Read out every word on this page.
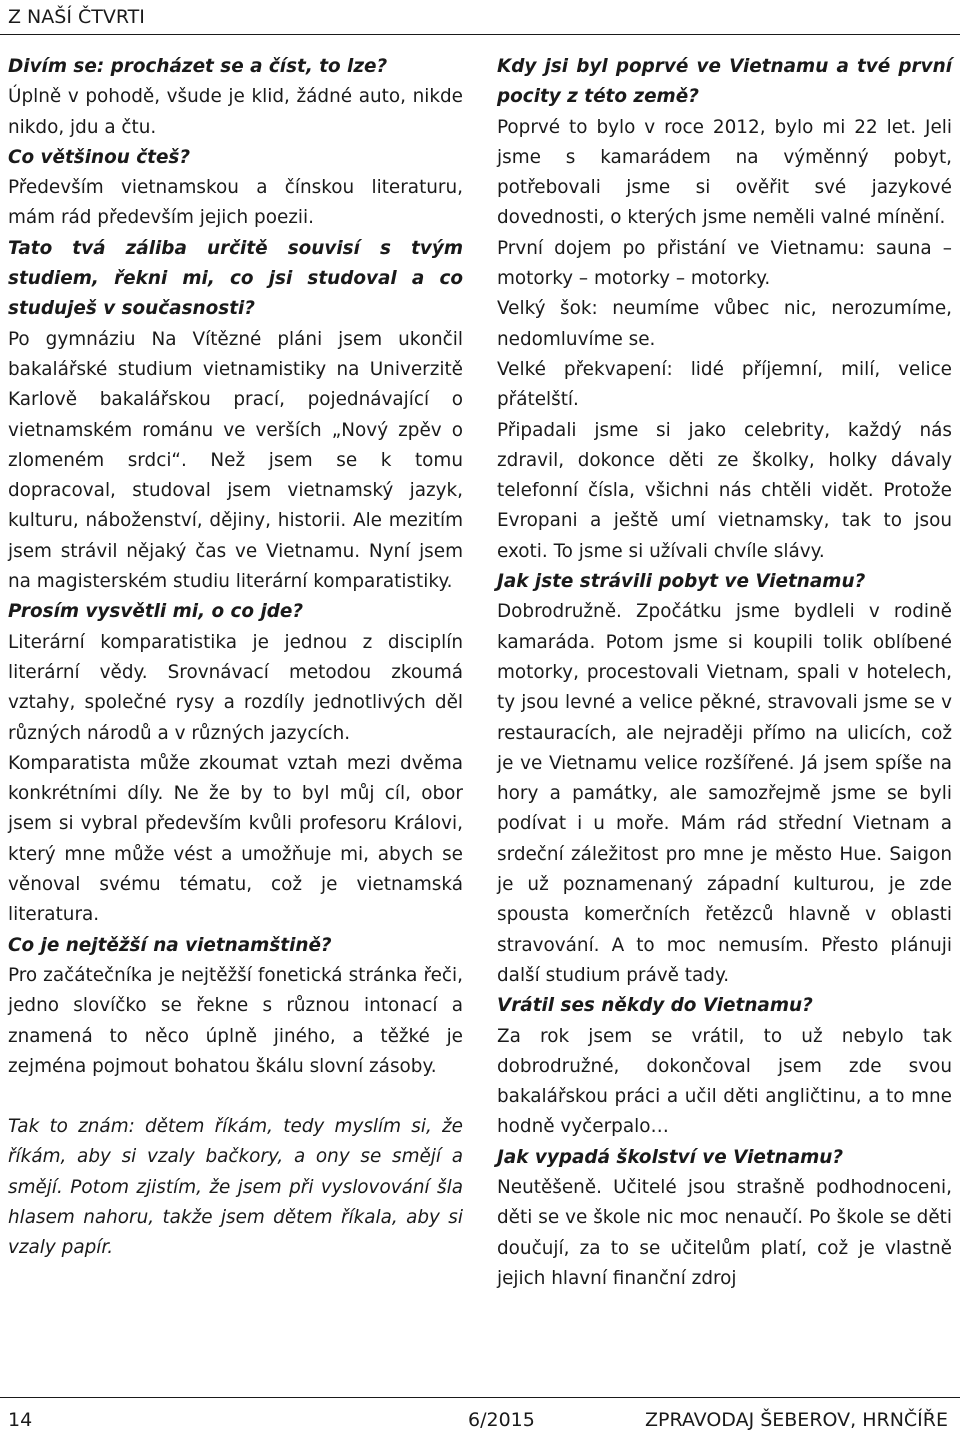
Z NAŠÍ ČTVRTI

Divím se: procházet se a číst, to lze?

Úplně v pohodě, všude je klid, žádné auto, nikde nikdo, jdu a čtu.

Co většinou čteš?

Především vietnamskou a čínskou literaturu, mám rád především jejich poezii.

Tato tvá záliba určitě souvisí s tvým studiem, řekni mi, co jsi studoval a co studuješ v současnosti?

Po gymnáziu Na Vítězné pláni jsem ukončil bakalářské studium vietnamistiky na Univerzitě Karlově bakalářskou prací, pojednávající o vietnamském románu ve verších „Nový zpěv o zlomeném srdci“. Než jsem se k tomu dopracoval, studoval jsem vietnamský jazyk, kulturu, náboženství, dějiny, historii. Ale mezitím jsem strávil nějaký čas ve Vietnamu. Nyní jsem na magisterském studiu literární komparatistiky.

Prosím vysvětli mi, o co jde?

Literární komparatistika je jednou z disciplín literární vědy. Srovnávací metodou zkoumá vztahy, společné rysy a rozdíly jednotlivých děl různých národů a v různých jazycích.

Komparatista může zkoumat vztah mezi dvěma konkrétními díly. Ne že by to byl můj cíl, obor jsem si vybral především kvůli profesoru Královi, který mne může vést a umožňuje mi, abych se věnoval svému tématu, což je vietnamská literatura.

Co je nejtěžší na vietnamštině?

Pro začátečníka je nejtěžší fonetická stránka řeči, jedno slovíčko se řekne s různou intonací a znamená to něco úplně jiného, a těžké je zejména pojmout bohatou škálu slovní zásoby.

Tak to znám: dětem říkám, tedy myslím si, že říkám, aby si vzaly bačkory, a ony se smějí a smějí. Potom zjistím, že jsem při vyslovování šla hlasem nahoru, takže jsem dětem říkala, aby si vzaly papír.

Kdy jsi byl poprvé ve Vietnamu a tvé první pocity z této země?

Poprvé to bylo v roce 2012, bylo mi 22 let. Jeli jsme s kamarádem na výměnný pobyt, potřebovali jsme si ověřit své jazykové dovednosti, o kterých jsme neměli valné mínění.

První dojem po přistání ve Vietnamu: sauna – motorky – motorky – motorky.

Velký šok: neumíme vůbec nic, nerozumíme, nedomluvíme se.

Velké překvapení: lidé příjemní, milí, velice přátelští.

Připadali jsme si jako celebrity, každý nás zdravil, dokonce děti ze školky, holky dávaly telefonní čísla, všichni nás chtěli vidět. Protože Evropani a ještě umí vietnamsky, tak to jsou exoti. To jsme si užívali chvíle slávy.

Jak jste strávili pobyt ve Vietnamu?

Dobrodružně. Zpočátku jsme bydleli v rodině kamaráda. Potom jsme si koupili tolik oblíbené motorky, procestovali Vietnam, spali v hotelech, ty jsou levné a velice pěkné, stravovali jsme se v restauracích, ale nejraději přímo na ulicích, což je ve Vietnamu velice rozšířené. Já jsem spíše na hory a památky, ale samozřejmě jsme se byli podívat i u moře. Mám rád střední Vietnam a srdeční záležitost pro mne je město Hue. Saigon je už poznamenaný západní kulturou, je zde spousta komerčních řetězců hlavně v oblasti stravování. A to moc nemusím. Přesto plánuji další studium právě tady.

Vrátil ses někdy do Vietnamu?

Za rok jsem se vrátil, to už nebylo tak dobrodružné, dokončoval jsem zde svou bakalářskou práci a učil děti angličtinu, a to mne hodně vyčerpalo…

Jak vypadá školství ve Vietnamu?

Neutěšeně. Učitelé jsou strašně podhodnoceni, děti se ve škole nic moc nenaučí. Po škole se děti doučují, za to se učitelům platí, což je vlastně jejich hlavní finanční zdroj

14	6/2015	ZPRAVODAJ ŠEBEROV, HRNČÍŘE
